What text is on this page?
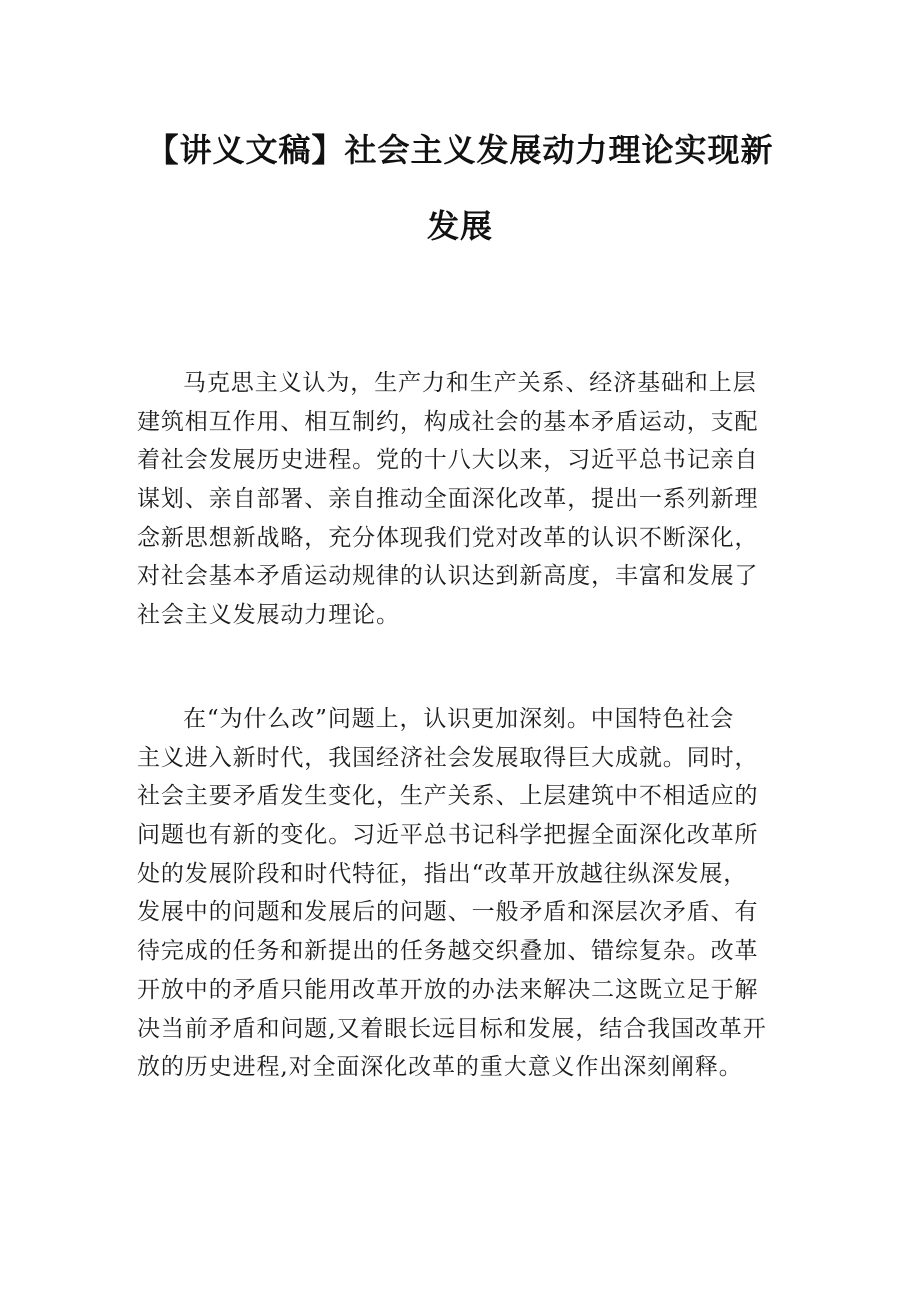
【讲义文稿】社会主义发展动力理论实现新
发展
马克思主义认为，生产力和生产关系、经济基础和上层
建筑相互作用、相互制约，构成社会的基本矛盾运动，支配
着社会发展历史进程。党的十八大以来，习近平总书记亲自
谋划、亲自部署、亲自推动全面深化改革，提出一系列新理
念新思想新战略，充分体现我们党对改革的认识不断深化，
对社会基本矛盾运动规律的认识达到新高度，丰富和发展了
社会主义发展动力理论。
在“为什么改”问题上，认识更加深刻。中国特色社会
主义进入新时代，我国经济社会发展取得巨大成就。同时，
社会主要矛盾发生变化，生产关系、上层建筑中不相适应的
问题也有新的变化。习近平总书记科学把握全面深化改革所
处的发展阶段和时代特征，指出“改革开放越往纵深发展，
发展中的问题和发展后的问题、一般矛盾和深层次矛盾、有
待完成的任务和新提出的任务越交织叠加、错综复杂。改革
开放中的矛盾只能用改革开放的办法来解决二这既立足于解
决当前矛盾和问题,又着眼长远目标和发展，结合我国改革开
放的历史进程,对全面深化改革的重大意义作出深刻阐释。
